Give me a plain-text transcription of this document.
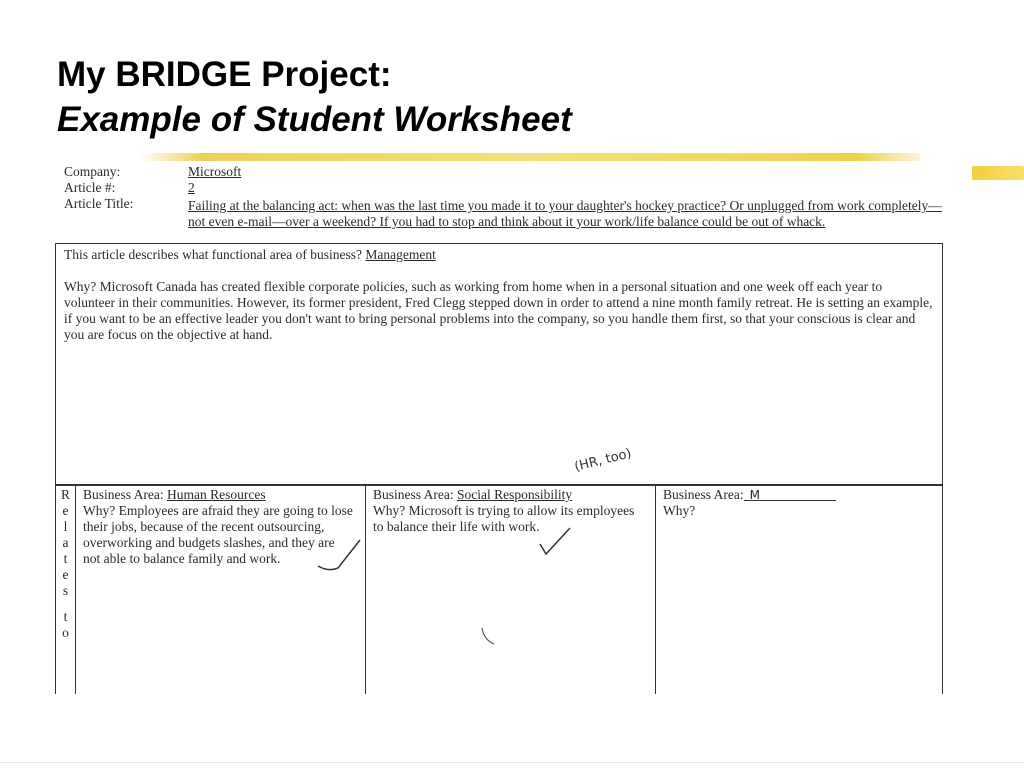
My BRIDGE Project:
Example of Student Worksheet
Company:	Microsoft
Article #:	2
Article Title:	Failing at the balancing act: when was the last time you made it to your daughter's hockey practice? Or unplugged from work completely—not even e-mail—over a weekend? If you had to stop and think about it your work/life balance could be out of whack.
This article describes what functional area of business? Management
Why? Microsoft Canada has created flexible corporate policies, such as working from home when in a personal situation and one week off each year to volunteer in their communities. However, its former president, Fred Clegg stepped down in order to attend a nine month family retreat. He is setting an example, if you want to be an effective leader you don't want to bring personal problems into the company, so you handle them first, so that your conscious is clear and you are focus on the objective at hand.
(HR, too)
R
e
l
a
t
e
s
t
o
Business Area: Human Resources
Why? Employees are afraid they are going to lose their jobs, because of the recent outsourcing, overworking and budgets slashes, and they are not able to balance family and work.
Business Area: Social Responsibility
Why? Microsoft is trying to allow its employees to balance their life with work.
Business Area: M
Why?
